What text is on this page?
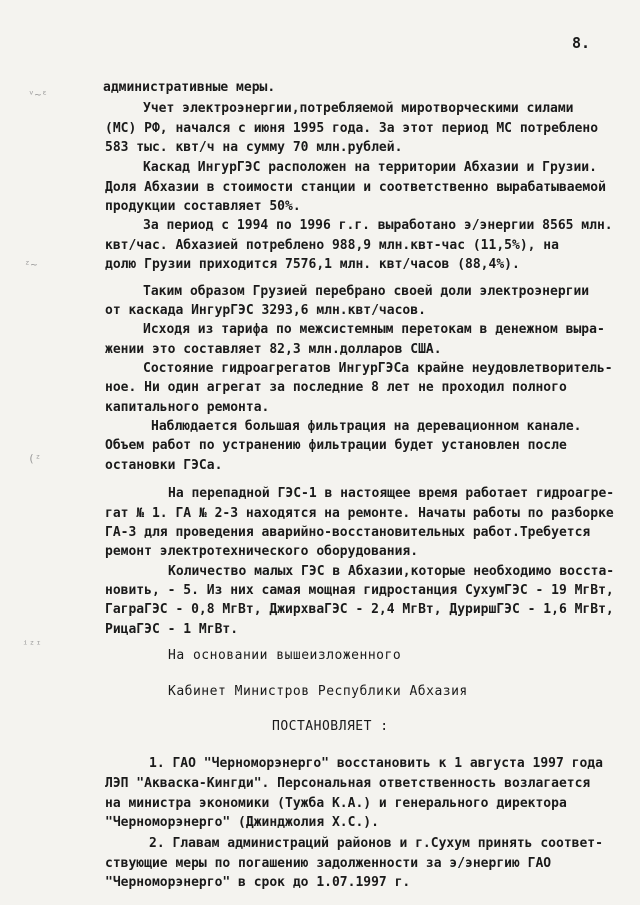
8.
ᵛ~ᵋ
ᶻ~
(ᶻ
ⁱᶻᶦ
административные меры.
Учет электроэнергии,потребляемой миротворческими силами
(МС) РФ, начался с июня 1995 года. За этот период МС потреблено
583 тыс. квт/ч на сумму 70 млн.рублей.
Каскад ИнгурГЭС расположен на территории Абхазии и Грузии.
Доля Абхазии в стоимости станции и соответственно вырабатываемой
продукции составляет 50%.
За период с 1994 по 1996 г.г. выработано э/энергии 8565 млн.
квт/час. Абхазией потреблено 988,9 млн.квт-час (11,5%), на
долю Грузии приходится 7576,1 млн. квт/часов (88,4%).
Таким образом Грузией перебрано своей доли электроэнергии
от каскада ИнгурГЭС 3293,6 млн.квт/часов.
Исходя из тарифа по межсистемным перетокам в денежном выра-
жении это составляет 82,3 млн.долларов США.
Состояние гидроагрегатов ИнгурГЭСа крайне неудовлетворитель-
ное. Ни один агрегат за последние 8 лет не проходил полного
капитального ремонта.
Наблюдается большая фильтрация на деревационном канале.
Объем работ по устранению фильтрации будет установлен после
остановки ГЭСа.
На перепадной ГЭС-1 в настоящее время работает гидроагре-
гат № 1. ГА № 2-3 находятся на ремонте. Начаты работы по разборке
ГА-3 для проведения аварийно-восстановительных работ.Требуется
ремонт электротехнического оборудования.
Количество малых ГЭС в Абхазии,которые необходимо восста-
новить, - 5. Из них самая мощная гидростанция СухумГЭС - 19 МгВт,
ГаграГЭС - 0,8 МгВт, ДжирхваГЭС - 2,4 МгВт, ДуриршГЭС - 1,6 МгВт,
РицаГЭС - 1 МгВт.
На основании вышеизложенного
Кабинет Министров Республики Абхазия
ПОСТАНОВЛЯЕТ :
1. ГАО "Черноморэнерго" восстановить к 1 августа 1997 года
ЛЭП "Акваска-Кингди". Персональная ответственность возлагается
на министра экономики (Тужба К.А.) и генерального директора
"Черноморэнерго" (Джинджолия Х.С.).
2. Главам администраций районов и г.Сухум принять соответ-
ствующие меры по погашению задолженности за э/энергию ГАО
"Черноморэнерго" в срок до 1.07.1997 г.
